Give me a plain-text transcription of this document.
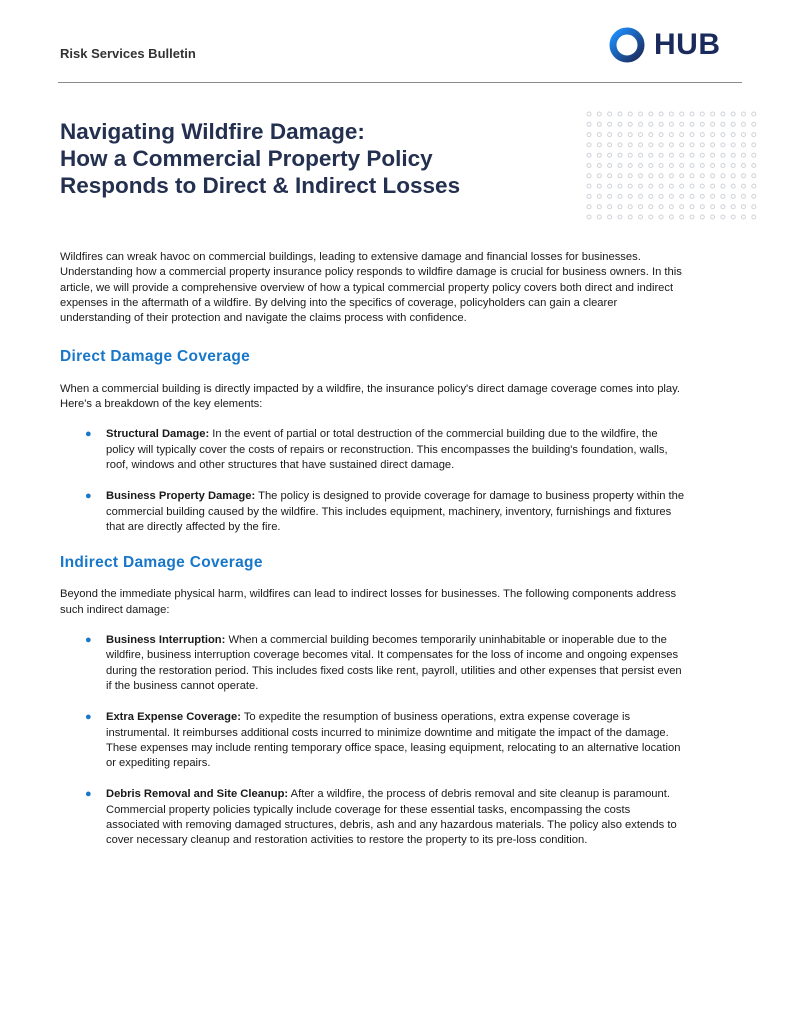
Risk Services Bulletin	HUB
Navigating Wildfire Damage:
How a Commercial Property Policy
Responds to Direct & Indirect Losses

Wildfires can wreak havoc on commercial buildings, leading to extensive damage and financial losses for businesses. Understanding how a commercial property insurance policy responds to wildfire damage is crucial for business owners. In this article, we will provide a comprehensive overview of how a typical commercial property policy covers both direct and indirect expenses in the aftermath of a wildfire. By delving into the specifics of coverage, policyholders can gain a clearer understanding of their protection and navigate the claims process with confidence.

Direct Damage Coverage

When a commercial building is directly impacted by a wildfire, the insurance policy's direct damage coverage comes into play. Here's a breakdown of the key elements:

● Structural Damage: In the event of partial or total destruction of the commercial building due to the wildfire, the policy will typically cover the costs of repairs or reconstruction. This encompasses the building's foundation, walls, roof, windows and other structures that have sustained direct damage.
● Business Property Damage: The policy is designed to provide coverage for damage to business property within the commercial building caused by the wildfire. This includes equipment, machinery, inventory, furnishings and fixtures that are directly affected by the fire.
Indirect Damage Coverage

Beyond the immediate physical harm, wildfires can lead to indirect losses for businesses. The following components address such indirect damage:

● Business Interruption: When a commercial building becomes temporarily uninhabitable or inoperable due to the wildfire, business interruption coverage becomes vital. It compensates for the loss of income and ongoing expenses during the restoration period. This includes fixed costs like rent, payroll, utilities and other expenses that persist even if the business cannot operate.
● Extra Expense Coverage: To expedite the resumption of business operations, extra expense coverage is instrumental. It reimburses additional costs incurred to minimize downtime and mitigate the impact of the damage. These expenses may include renting temporary office space, leasing equipment, relocating to an alternative location or expediting repairs.
● Debris Removal and Site Cleanup: After a wildfire, the process of debris removal and site cleanup is paramount. Commercial property policies typically include coverage for these essential tasks, encompassing the costs associated with removing damaged structures, debris, ash and any hazardous materials. The policy also extends to cover necessary cleanup and restoration activities to restore the property to its pre-loss condition.
